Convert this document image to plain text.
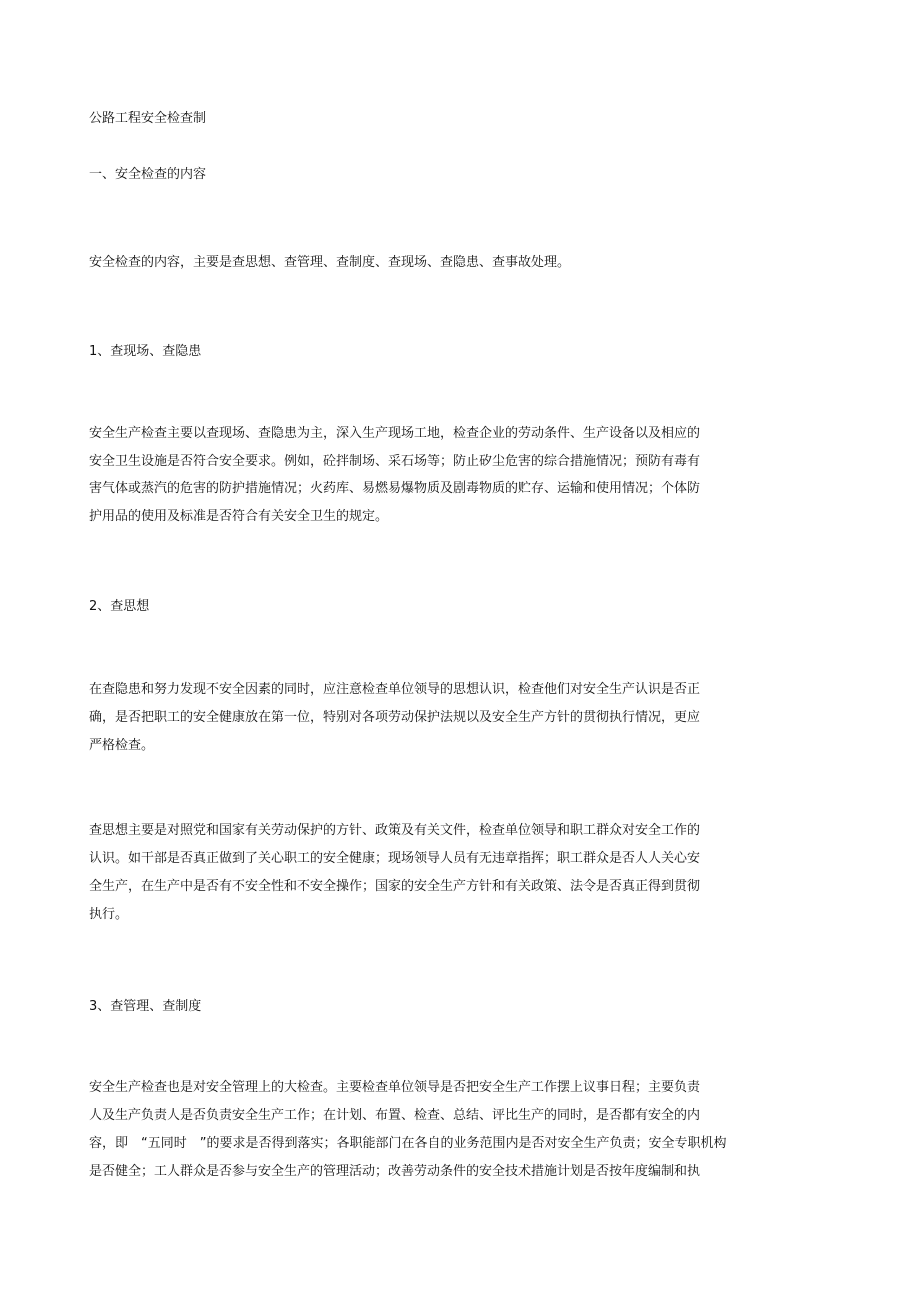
公路工程安全检查制
一、安全检查的内容
安全检查的内容，主要是查思想、查管理、查制度、查现场、查隐患、查事故处理。
1、查现场、查隐患
安全生产检查主要以查现场、查隐患为主，深入生产现场工地，检查企业的劳动条件、生产设备以及相应的
安全卫生设施是否符合安全要求。例如，砼拌制场、采石场等；防止矽尘危害的综合措施情况；预防有毒有
害气体或蒸汽的危害的防护措施情况；火药库、易燃易爆物质及剧毒物质的贮存、运输和使用情况；个体防
护用品的使用及标准是否符合有关安全卫生的规定。
2、查思想
在查隐患和努力发现不安全因素的同时，应注意检查单位领导的思想认识，检查他们对安全生产认识是否正
确，是否把职工的安全健康放在第一位，特别对各项劳动保护法规以及安全生产方针的贯彻执行情况，更应
严格检查。
查思想主要是对照党和国家有关劳动保护的方针、政策及有关文件，检查单位领导和职工群众对安全工作的
认识。如干部是否真正做到了关心职工的安全健康；现场领导人员有无违章指挥；职工群众是否人人关心安
全生产，在生产中是否有不安全性和不安全操作；国家的安全生产方针和有关政策、法令是否真正得到贯彻
执行。
3、查管理、查制度
安全生产检查也是对安全管理上的大检查。主要检查单位领导是否把安全生产工作摆上议事日程；主要负责
人及生产负责人是否负责安全生产工作；在计划、布置、检查、总结、评比生产的同时，是否都有安全的内
容，即　“五同时　”的要求是否得到落实；各职能部门在各自的业务范围内是否对安全生产负责；安全专职机构
是否健全；工人群众是否参与安全生产的管理活动；改善劳动条件的安全技术措施计划是否按年度编制和执
